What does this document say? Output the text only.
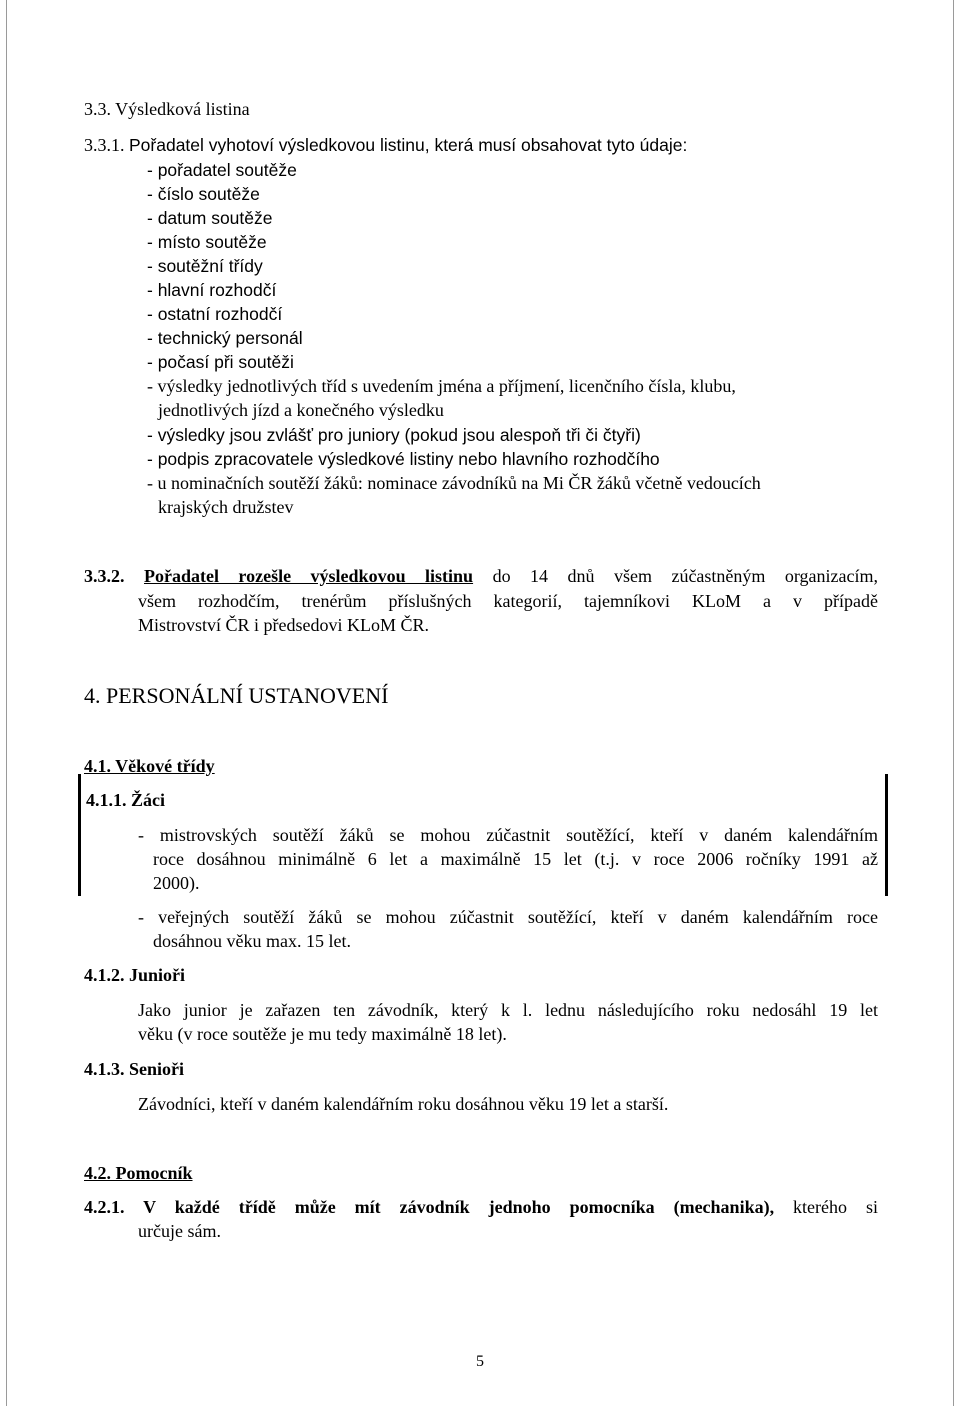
3.3. Výsledková listina
3.3.1. Pořadatel vyhotoví výsledkovou listinu, která musí obsahovat tyto údaje:
- pořadatel soutěže
- číslo soutěže
- datum soutěže
- místo soutěže
- soutěžní třídy
- hlavní rozhodčí
- ostatní rozhodčí
- technický personál
- počasí při soutěži
- výsledky jednotlivých tříd s uvedením jména a příjmení, licenčního čísla, klubu,
jednotlivých jízd a konečného výsledku
- výsledky jsou zvlášť pro juniory (pokud jsou alespoň tři či čtyři)
- podpis zpracovatele výsledkové listiny nebo hlavního rozhodčího
- u nominačních soutěží žáků: nominace závodníků na Mi ČR žáků včetně vedoucích
krajských družstev
3.3.2. Pořadatel rozešle výsledkovou listinu do 14 dnů všem zúčastněným organizacím,
všem rozhodčím, trenérům příslušných kategorií, tajemníkovi KLoM a v případě
Mistrovství ČR i předsedovi KLoM ČR.
4. PERSONÁLNÍ USTANOVENÍ
4.1. Věkové třídy
4.1.1. Žáci
- mistrovských soutěží žáků se mohou zúčastnit soutěžící, kteří v daném kalendářním
roce dosáhnou minimálně 6 let a maximálně 15 let (t.j. v roce 2006 ročníky 1991 až
2000).
- veřejných soutěží žáků se mohou zúčastnit soutěžící, kteří v daném kalendářním roce
dosáhnou věku max. 15 let.
4.1.2. Junioři
Jako junior je zařazen ten závodník, který k l. lednu následujícího roku nedosáhl 19 let
věku (v roce soutěže je mu tedy maximálně 18 let).
4.1.3. Senioři
Závodníci, kteří v daném kalendářním roku dosáhnou věku 19 let a starší.
4.2. Pomocník
4.2.1. V každé třídě může mít závodník jednoho pomocníka (mechanika), kterého si
určuje sám.
5
